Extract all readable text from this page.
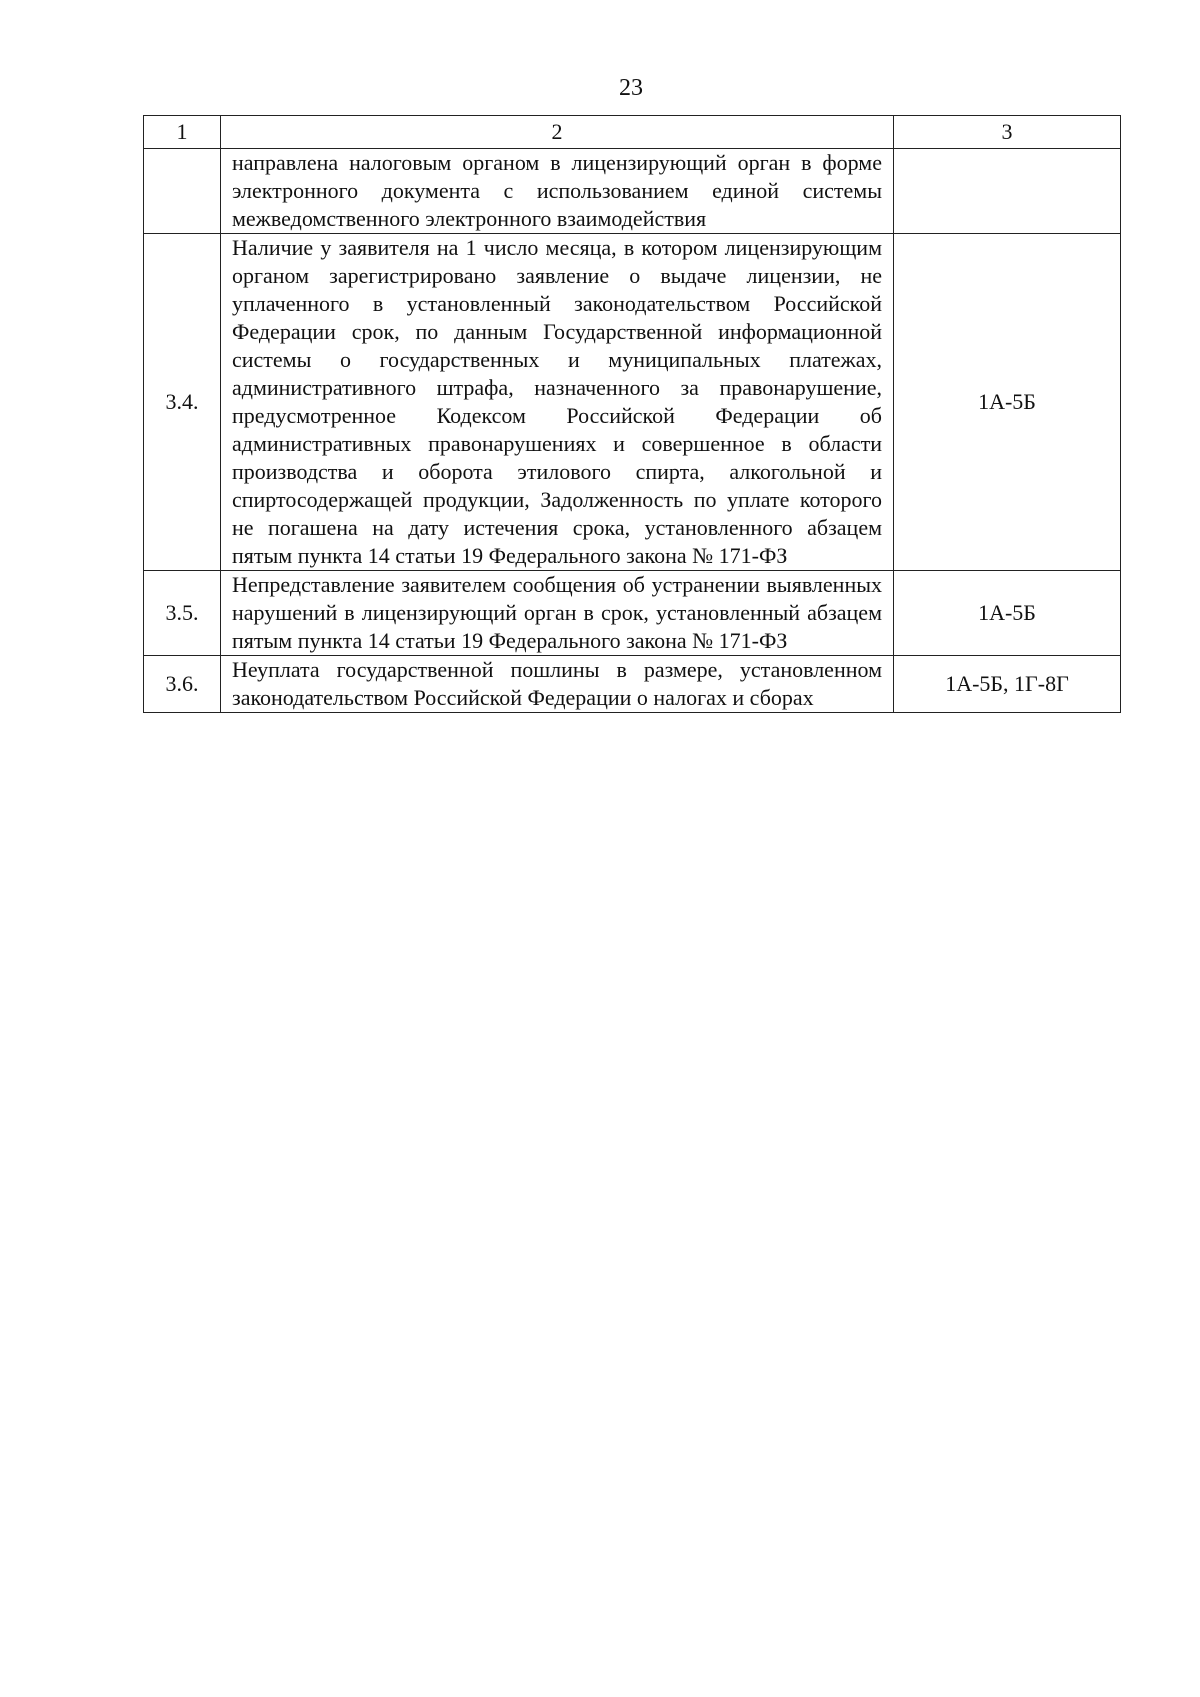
23
1	2	3
	направлена налоговым органом в лицензирующий орган в форме электронного документа с использованием единой системы межведомственного электронного взаимодействия	
3.4.	Наличие у заявителя на 1 число месяца, в котором лицензирующим органом зарегистрировано заявление о выдаче лицензии, не уплаченного в установленный законодательством Российской Федерации срок, по данным Государственной информационной системы о государственных и муниципальных платежах, административного штрафа, назначенного за правонарушение, предусмотренное Кодексом Российской Федерации об административных правонарушениях и совершенное в области производства и оборота этилового спирта, алкогольной и спиртосодержащей продукции, Задолженность по уплате которого не погашена на дату истечения срока, установленного абзацем пятым пункта 14 статьи 19 Федерального закона № 171-ФЗ	1А-5Б
3.5.	Непредставление заявителем сообщения об устранении выявленных нарушений в лицензирующий орган в срок, установленный абзацем пятым пункта 14 статьи 19 Федерального закона № 171-ФЗ	1А-5Б
3.6.	Неуплата государственной пошлины в размере, установленном законодательством Российской Федерации о налогах и сборах	1А-5Б, 1Г-8Г
